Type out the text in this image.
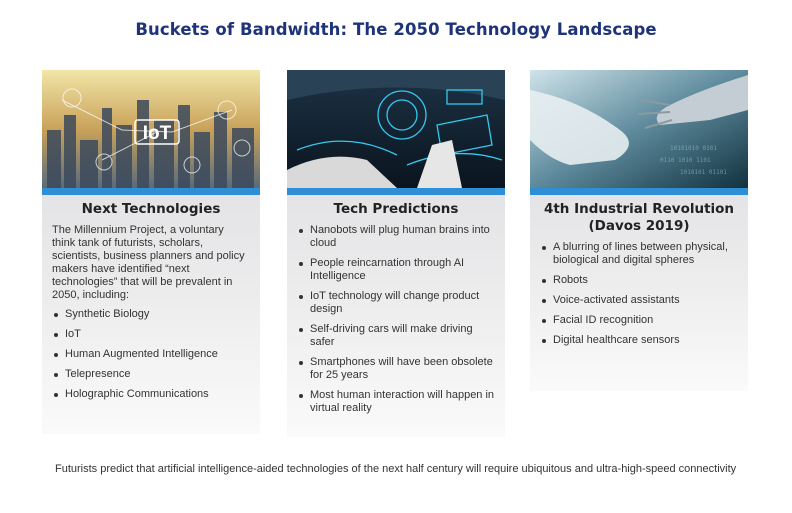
Buckets of Bandwidth: The 2050 Technology Landscape
IoT
Next Technologies
The Millennium Project, a voluntary think tank of futurists, scholars, scientists, business planners and policy makers have identified “next technologies” that will be prevalent in 2050, including:
Synthetic Biology
IoT
Human Augmented Intelligence
Telepresence
Holographic Communications
Tech Predictions
Nanobots will plug human brains into cloud
People reincarnation through AI Intelligence
IoT technology will change product design
Self-driving cars will make driving safer
Smartphones will have been obsolete for 25 years
Most human interaction will happen in virtual reality
10101010 0101
0110 1010 1101
1010101 01101
4th Industrial Revolution (Davos 2019)
A blurring of lines between physical, biological and digital spheres
Robots
Voice-activated assistants
Facial ID recognition
Digital healthcare sensors
Futurists predict that artificial intelligence-aided technologies of the next half century will require ubiquitous and ultra-high-speed connectivity
